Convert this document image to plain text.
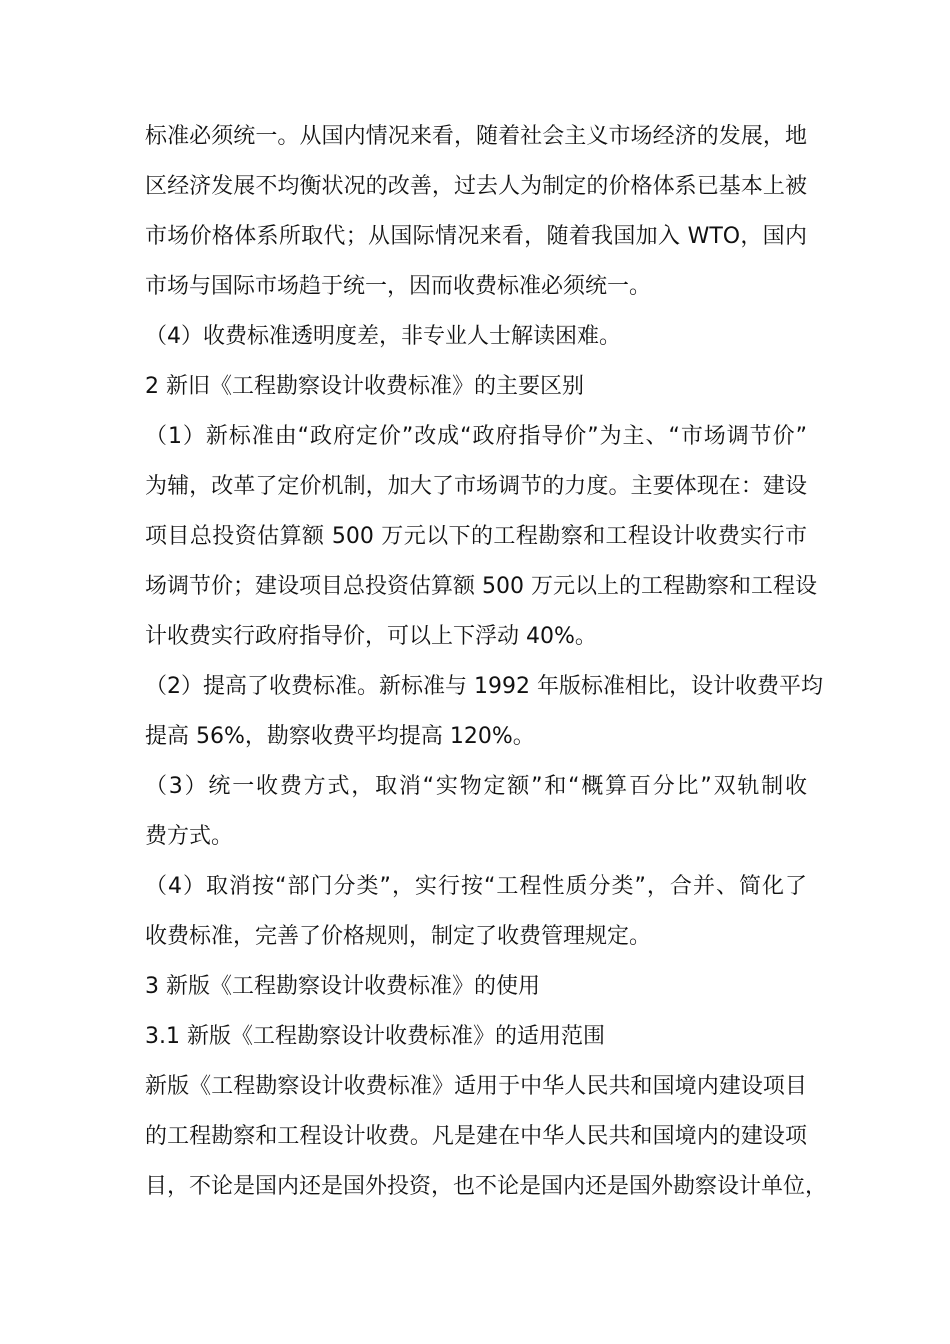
标准必须统一。从国内情况来看，随着社会主义市场经济的发展，地
区经济发展不均衡状况的改善，过去人为制定的价格体系已基本上被
市场价格体系所取代；从国际情况来看，随着我国加入 WTO，国内
市场与国际市场趋于统一，因而收费标准必须统一。
（4）收费标准透明度差，非专业人士解读困难。
2 新旧《工程勘察设计收费标准》的主要区别
（1）新标准由“政府定价”改成“政府指导价”为主、“市场调节价”
为辅，改革了定价机制，加大了市场调节的力度。主要体现在：建设
项目总投资估算额 500 万元以下的工程勘察和工程设计收费实行市
场调节价；建设项目总投资估算额 500 万元以上的工程勘察和工程设
计收费实行政府指导价，可以上下浮动 40%。
（2）提高了收费标准。新标准与 1992 年版标准相比，设计收费平均
提高 56%，勘察收费平均提高 120%。
（3）统一收费方式，取消“实物定额”和“概算百分比”双轨制收
费方式。
（4）取消按“部门分类”，实行按“工程性质分类”，合并、简化了
收费标准，完善了价格规则，制定了收费管理规定。
3 新版《工程勘察设计收费标准》的使用
3.1 新版《工程勘察设计收费标准》的适用范围
新版《工程勘察设计收费标准》适用于中华人民共和国境内建设项目
的工程勘察和工程设计收费。凡是建在中华人民共和国境内的建设项
目，不论是国内还是国外投资，也不论是国内还是国外勘察设计单位，
